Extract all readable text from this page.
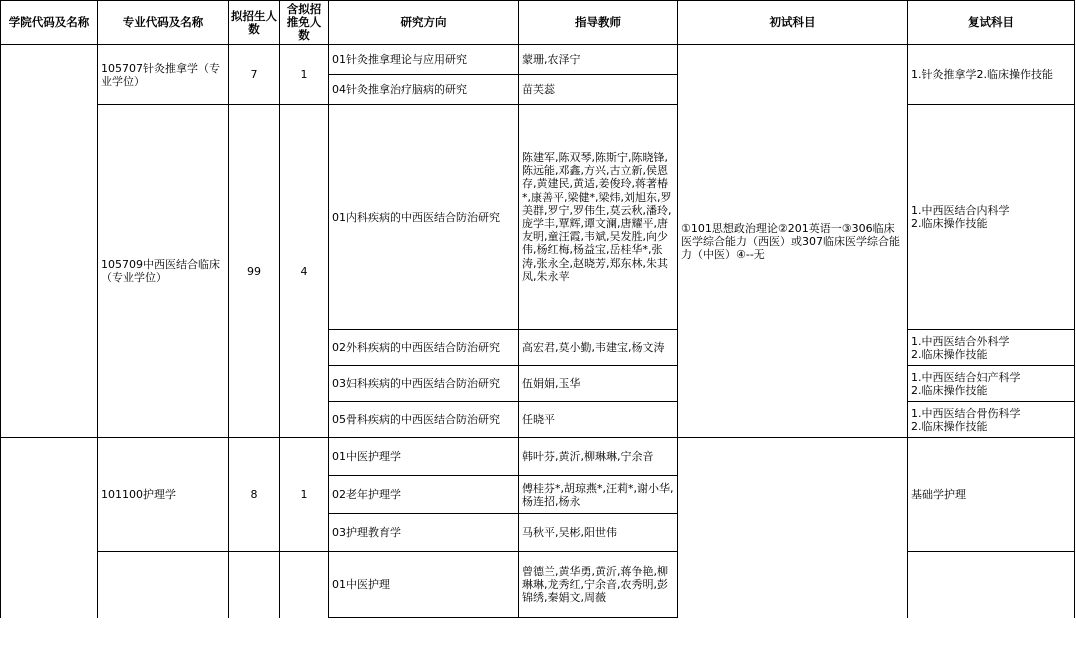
学院代码及名称	专业代码及名称	拟招生人数	含拟招推免人数	研究方向	指导教师	初试科目	复试科目
	105707针灸推拿学（专业学位）	7	1	01针灸推拿理论与应用研究	蒙珊,农泽宁	①101思想政治理论②201英语一③306临床医学综合能力（西医）或307临床医学综合能力（中医）④--无	1.针灸推拿学2.临床操作技能
				04针灸推拿治疗脑病的研究	苗芙蕊		
	105709中西医结合临床（专业学位）	99	4	01内科疾病的中西医结合防治研究	陈建军,陈双琴,陈斯宁,陈晓锋,陈远能,邓鑫,方兴,古立新,侯恩存,黄建民,黄适,姜俊玲,蒋著椿*,康善平,梁健*,梁炜,刘旭东,罗美群,罗宁,罗伟生,莫云秋,潘玲,庞学丰,覃辉,谭文澜,唐耀平,唐友明,童汪霞,韦斌,吴发胜,向少伟,杨红梅,杨益宝,岳桂华*,张涛,张永全,赵晓芳,郑东林,朱其凤,朱永苹		1.中西医结合内科学
2.临床操作技能
				02外科疾病的中西医结合防治研究	高宏君,莫小勤,韦建宝,杨文涛		1.中西医结合外科学
2.临床操作技能
				03妇科疾病的中西医结合防治研究	伍娟娟,玉华		1.中西医结合妇产科学
2.临床操作技能
				05骨科疾病的中西医结合防治研究	任晓平		1.中西医结合骨伤科学
2.临床操作技能
	101100护理学	8	1	01中医护理学	韩叶芬,黄沂,柳琳琳,宁余音		基础学护理
				02老年护理学	傅桂芬*,胡琼燕*,汪莉*,谢小华,杨连招,杨永		
				03护理教育学	马秋平,吴彬,阳世伟		
				01中医护理	曾德兰,黄华勇,黄沂,蒋争艳,柳琳琳,龙秀红,宁余音,农秀明,彭锦绣,秦娟文,周薇		
